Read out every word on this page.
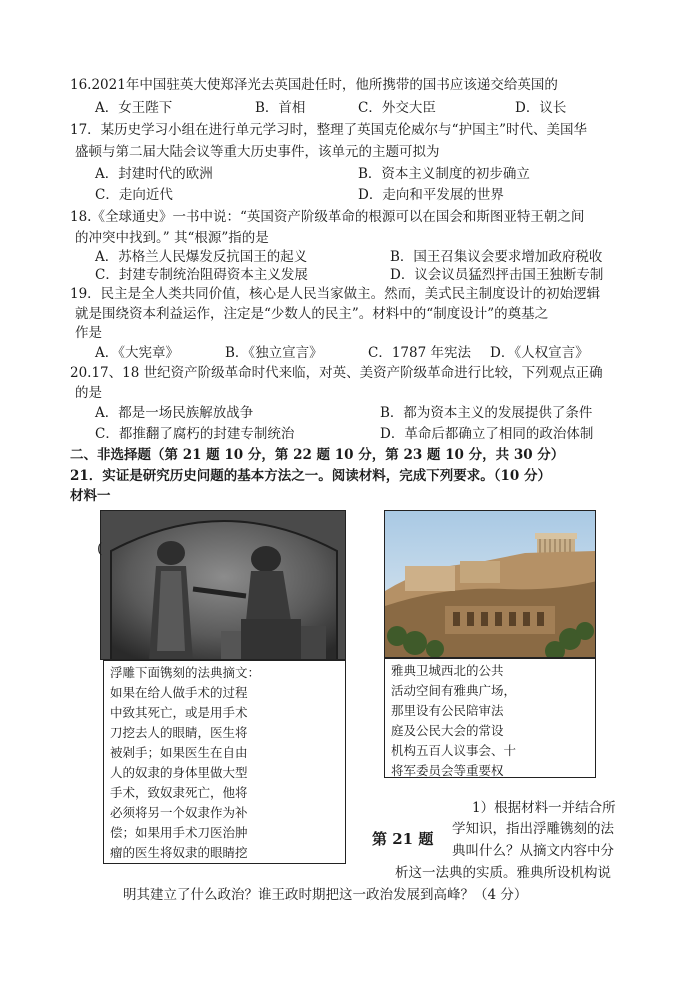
16.2021年中国驻英大使郑泽光去英国赴任时，他所携带的国书应该递交给英国的
A．女王陛下	B．首相	C．外交大臣	D．议长
17．某历史学习小组在进行单元学习时，整理了英国克伦威尔与“护国主”时代、美国华
盛顿与第二届大陆会议等重大历史事件，该单元的主题可拟为
A．封建时代的欧洲	B．资本主义制度的初步确立
C．走向近代	D．走向和平发展的世界
18.《全球通史》一书中说：“英国资产阶级革命的根源可以在国会和斯图亚特王朝之间
的冲突中找到。” 其“根源”指的是
A．苏格兰人民爆发反抗国王的起义	B．国王召集议会要求增加政府税收
C．封建专制统治阻碍资本主义发展	D．议会议员猛烈抨击国王独断专制
19．民主是全人类共同价值，核心是人民当家做主。然而，美式民主制度设计的初始逻辑
就是围绕资本利益运作，注定是“少数人的民主”。材料中的“制度设计”的奠基之
作是
A．《大宪章》	B．《独立宣言》	C．1787 年宪法 D．《人权宣言》
20.17、18 世纪资产阶级革命时代来临，对英、美资产阶级革命进行比较，下列观点正确
的是
A．都是一场民族解放战争	B．都为资本主义的发展提供了条件
C．都推翻了腐朽的封建专制统治	D．革命后都确立了相同的政治体制
二、非选择题（第 21 题 10 分，第 22 题 10 分，第 23 题 10 分，共 30 分）
21．实证是研究历史问题的基本方法之一。阅读材料，完成下列要求。（10 分）
材料一
(
浮雕下面镌刻的法典摘文：
如果在给人做手术的过程
中致其死亡，或是用手术
刀挖去人的眼睛，医生将
被剁手；如果医生在自由
人的奴隶的身体里做大型
手术，致奴隶死亡，他将
必须将另一个奴隶作为补
偿；如果用手术刀医治肿
瘤的医生将奴隶的眼睛挖
雅典卫城西北的公共
活动空间有雅典广场，
那里设有公民陪审法
庭及公民大会的常设
机构五百人议事会、十
将军委员会等重要权
1）根据材料一并结合所
第 21 题
学知识，指出浮雕镌刻的法
典叫什么？从摘文内容中分
析这一法典的实质。雅典所设机构说
明其建立了什么政治？谁王政时期把这一政治发展到高峰？（4 分）
